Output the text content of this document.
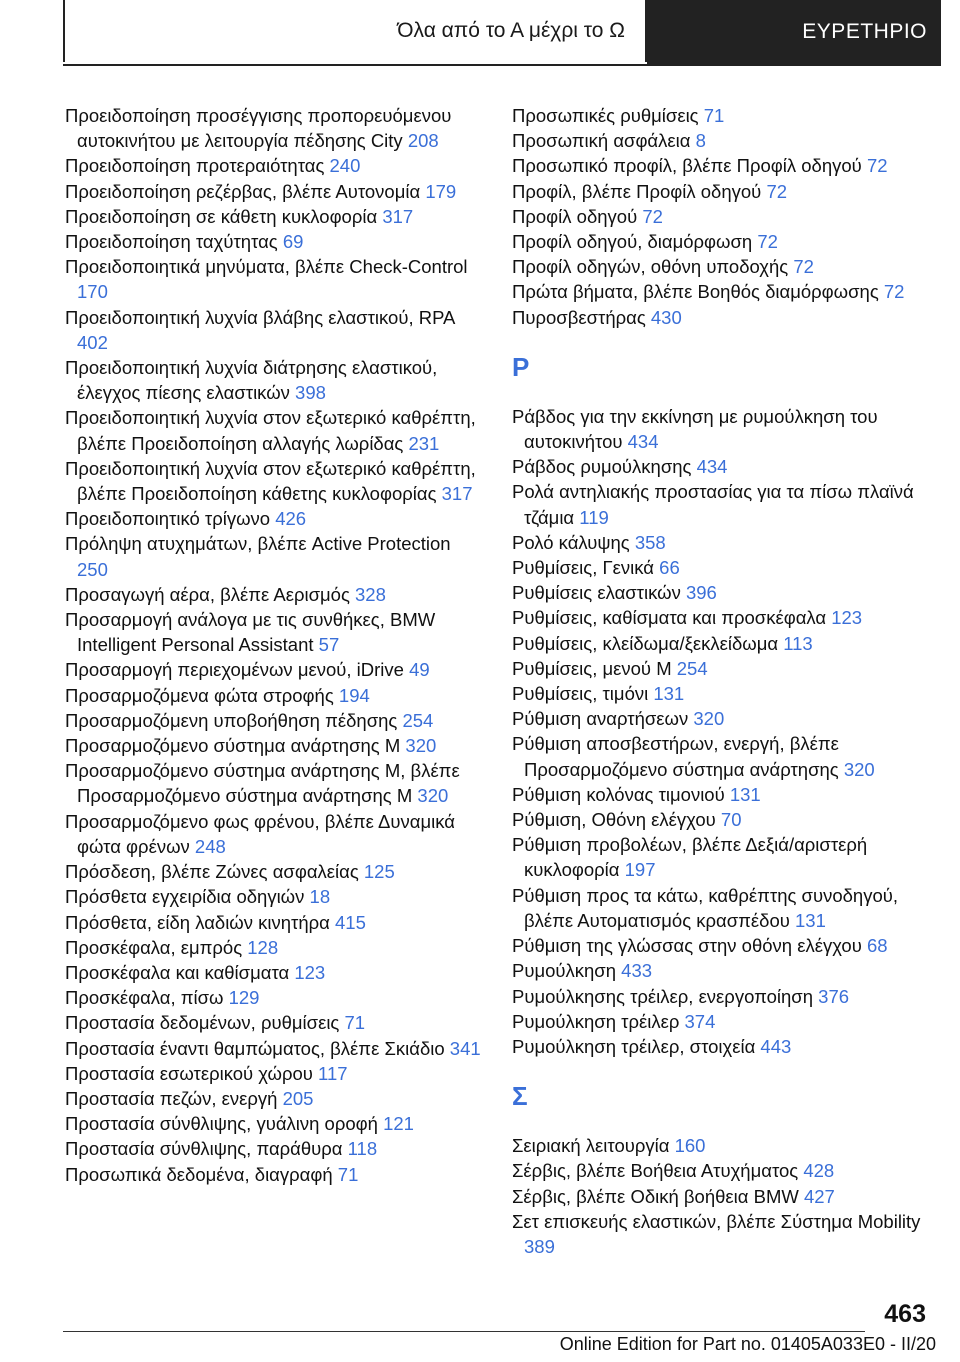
Όλα από το Α μέχρι το Ω	ΕΥΡΕΤΗΡΙΟ

Προειδοποίηση προσέγγισης προπορευόμενου αυτοκινήτου με λειτουργία πέδησης City 208

Προειδοποίηση προτεραιότητας 240

Προειδοποίηση ρεζέρβας, βλέπε Αυτονομία 179

Προειδοποίηση σε κάθετη κυκλοφορία 317

Προειδοποίηση ταχύτητας 69

Προειδοποιητικά μηνύματα, βλέπε Check-Control 170

Προειδοποιητική λυχνία βλάβης ελαστικού, RPA 402

Προειδοποιητική λυχνία διάτρησης ελαστικού, έλεγχος πίεσης ελαστικών 398

Προειδοποιητική λυχνία στον εξωτερικό καθρέπτη, βλέπε Προειδοποίηση αλλαγής λωρίδας 231

Προειδοποιητική λυχνία στον εξωτερικό καθρέπτη, βλέπε Προειδοποίηση κάθετης κυκλοφορίας 317

Προειδοποιητικό τρίγωνο 426

Πρόληψη ατυχημάτων, βλέπε Active Protection 250

Προσαγωγή αέρα, βλέπε Αερισμός 328

Προσαρμογή ανάλογα με τις συνθήκες, BMW Intelligent Personal Assistant 57

Προσαρμογή περιεχομένων μενού, iDrive 49

Προσαρμοζόμενα φώτα στροφής 194

Προσαρμοζόμενη υποβοήθηση πέδησης 254

Προσαρμοζόμενο σύστημα ανάρτησης M 320

Προσαρμοζόμενο σύστημα ανάρτησης M, βλέπε Προσαρμοζόμενο σύστημα ανάρτησης M 320

Προσαρμοζόμενο φως φρένου, βλέπε Δυναμικά φώτα φρένων 248

Πρόσδεση, βλέπε Ζώνες ασφαλείας 125

Πρόσθετα εγχειρίδια οδηγιών 18

Πρόσθετα, είδη λαδιών κινητήρα 415

Προσκέφαλα, εμπρός 128

Προσκέφαλα και καθίσματα 123

Προσκέφαλα, πίσω 129

Προστασία δεδομένων, ρυθμίσεις 71

Προστασία έναντι θαμπώματος, βλέπε Σκιάδιο 341

Προστασία εσωτερικού χώρου 117

Προστασία πεζών, ενεργή 205

Προστασία σύνθλιψης, γυάλινη οροφή 121

Προστασία σύνθλιψης, παράθυρα 118

Προσωπικά δεδομένα, διαγραφή 71

Προσωπικές ρυθμίσεις 71

Προσωπική ασφάλεια 8

Προσωπικό προφίλ, βλέπε Προφίλ οδηγού 72

Προφίλ, βλέπε Προφίλ οδηγού 72

Προφίλ οδηγού 72

Προφίλ οδηγού, διαμόρφωση 72

Προφίλ οδηγών, οθόνη υποδοχής 72

Πρώτα βήματα, βλέπε Βοηθός διαμόρφωσης 72

Πυροσβεστήρας 430

Ρ

Ράβδος για την εκκίνηση με ρυμούλκηση του αυτοκινήτου 434

Ράβδος ρυμούλκησης 434

Ρολά αντηλιακής προστασίας για τα πίσω πλαϊνά τζάμια 119

Ρολό κάλυψης 358

Ρυθμίσεις, Γενικά 66

Ρυθμίσεις ελαστικών 396

Ρυθμίσεις, καθίσματα και προσκέφαλα 123

Ρυθμίσεις, κλείδωμα/ξεκλείδωμα 113

Ρυθμίσεις, μενού M 254

Ρυθμίσεις, τιμόνι 131

Ρύθμιση αναρτήσεων 320

Ρύθμιση αποσβεστήρων, ενεργή, βλέπε Προσαρμοζόμενο σύστημα ανάρτησης 320

Ρύθμιση κολόνας τιμονιού 131

Ρύθμιση, Οθόνη ελέγχου 70

Ρύθμιση προβολέων, βλέπε Δεξιά/αριστερή κυκλοφορία 197

Ρύθμιση προς τα κάτω, καθρέπτης συνοδηγού, βλέπε Αυτοματισμός κρασπέδου 131

Ρύθμιση της γλώσσας στην οθόνη ελέγχου 68

Ρυμούλκηση 433

Ρυμούλκησης τρέιλερ, ενεργοποίηση 376

Ρυμούλκηση τρέιλερ 374

Ρυμούλκηση τρέιλερ, στοιχεία 443

Σ

Σειριακή λειτουργία 160

Σέρβις, βλέπε Βοήθεια Ατυχήματος 428

Σέρβις, βλέπε Οδική βοήθεια BMW 427

Σετ επισκευής ελαστικών, βλέπε Σύστημα Mobility 389

463
Online Edition for Part no. 01405A033E0 - II/20
